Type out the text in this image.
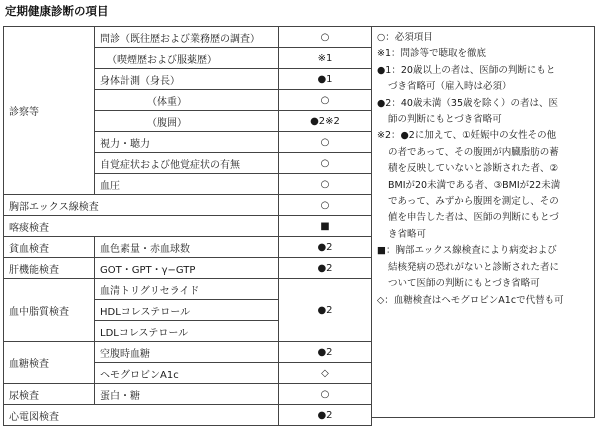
定期健康診断の項目
診察等	問診（既往歴および業務歴の調査）	○
	（喫煙歴および服薬歴）	※1
	身体計測（身長）	●1
	（体重）	○
	（腹囲）	●2※2
	視力・聴力	○
	自覚症状および他覚症状の有無	○
	血圧	○
胸部エックス線検査		○
喀痰検査		■
貧血検査	血色素量・赤血球数	●2
肝機能検査	GOT・GPT・γ−GTP	●2
血中脂質検査	血清トリグリセライド	●2
	HDLコレステロール	
	LDLコレステロール	
血糖検査	空腹時血糖	●2
	ヘモグロビンA1c	◇
尿検査	蛋白・糖	○
心電図検査		●2

○：必須項目

※1：問診等で聴取を徹底

●1：20歳以上の者は、医師の判断にもと

づき省略可（雇入時は必須）

●2：40歳未満（35歳を除く）の者は、医

師の判断にもとづき省略可

※2：●2に加えて、①妊娠中の女性その他

の者であって、その腹囲が内臓脂肪の蓄

積を反映していないと診断された者、②

BMIが20未満である者、③BMIが22未満

であって、みずから腹囲を測定し、その

値を申告した者は、医師の判断にもとづ

き省略可

■：胸部エックス線検査により病変および

結核発病の恐れがないと診断された者に

ついて医師の判断にもとづき省略可

◇：血糖検査はヘモグロビンA1cで代替も可
